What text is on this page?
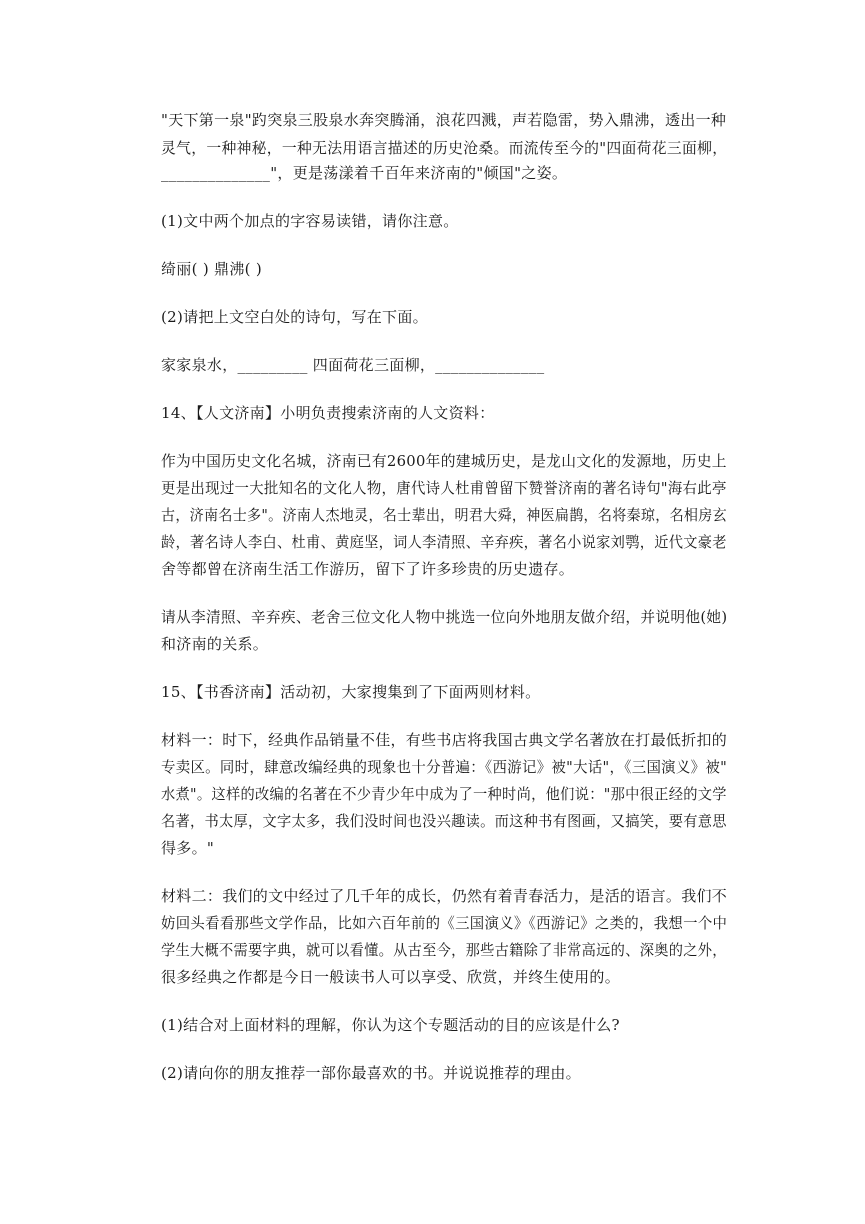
"天下第一泉"趵突泉三股泉水奔突腾涌，浪花四溅，声若隐雷，势入鼎沸，透出一种
灵气，一种神秘，一种无法用语言描述的历史沧桑。而流传至今的"四面荷花三面柳，
______________"，更是荡漾着千百年来济南的"倾国"之姿。
(1)文中两个加点的字容易读错，请你注意。
绮丽( ) 鼎沸( )
(2)请把上文空白处的诗句，写在下面。
家家泉水，_________ 四面荷花三面柳，______________
14、【人文济南】小明负责搜索济南的人文资料：
作为中国历史文化名城，济南已有2600年的建城历史，是龙山文化的发源地，历史上
更是出现过一大批知名的文化人物，唐代诗人杜甫曾留下赞誉济南的著名诗句"海右此亭
古，济南名士多"。济南人杰地灵，名士辈出，明君大舜，神医扁鹊，名将秦琼，名相房玄
龄，著名诗人李白、杜甫、黄庭坚，词人李清照、辛弃疾，著名小说家刘鹗，近代文豪老
舍等都曾在济南生活工作游历，留下了许多珍贵的历史遗存。
请从李清照、辛弃疾、老舍三位文化人物中挑选一位向外地朋友做介绍，并说明他(她)
和济南的关系。
15、【书香济南】活动初，大家搜集到了下面两则材料。
材料一：时下，经典作品销量不佳，有些书店将我国古典文学名著放在打最低折扣的
专卖区。同时，肆意改编经典的现象也十分普遍：《西游记》被"大话"，《三国演义》被"
水煮"。这样的改编的名著在不少青少年中成为了一种时尚，他们说："那中很正经的文学
名著，书太厚，文字太多，我们没时间也没兴趣读。而这种书有图画，又搞笑，要有意思
得多。"
材料二：我们的文中经过了几千年的成长，仍然有着青春活力，是活的语言。我们不
妨回头看看那些文学作品，比如六百年前的《三国演义》《西游记》之类的，我想一个中
学生大概不需要字典，就可以看懂。从古至今，那些古籍除了非常高远的、深奥的之外，
很多经典之作都是今日一般读书人可以享受、欣赏，并终生使用的。
(1)结合对上面材料的理解，你认为这个专题活动的目的应该是什么?
(2)请向你的朋友推荐一部你最喜欢的书。并说说推荐的理由。
